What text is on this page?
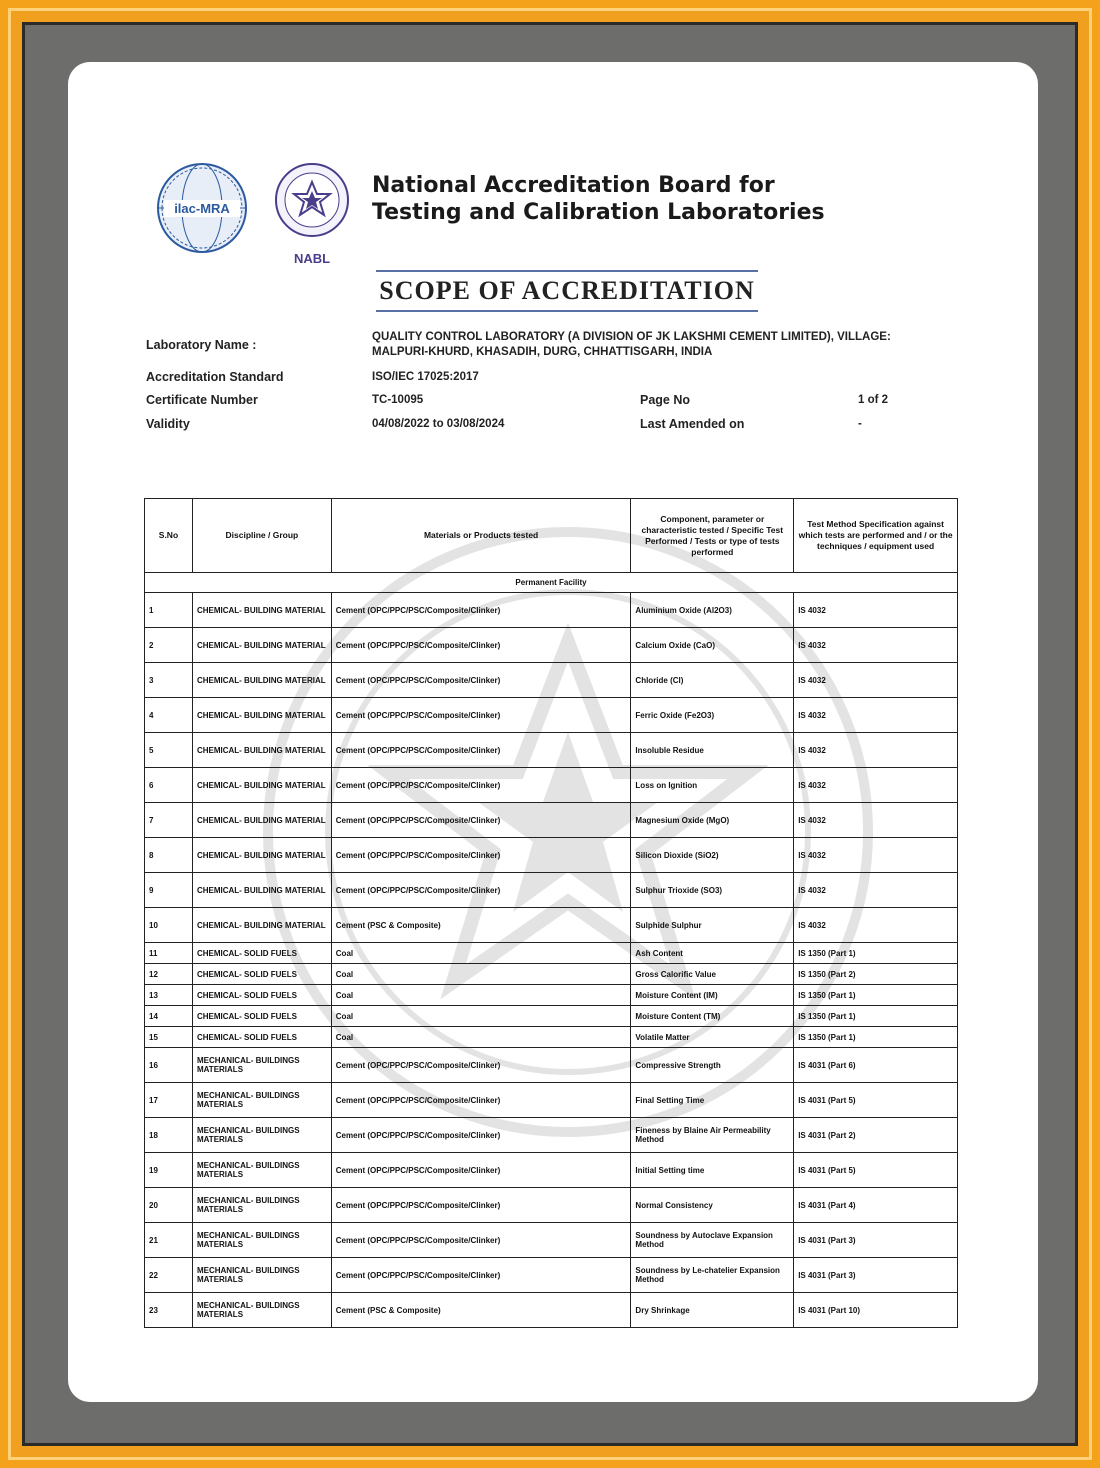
ilac-MRA
NABL
National Accreditation Board for
Testing and Calibration Laboratories
SCOPE OF ACCREDITATION
Laboratory Name :
QUALITY CONTROL LABORATORY (A DIVISION OF JK LAKSHMI CEMENT LIMITED), VILLAGE:
MALPURI-KHURD, KHASADIH, DURG, CHHATTISGARH, INDIA
Accreditation Standard	ISO/IEC 17025:2017
Certificate Number	TC-10095	Page No	1 of 2
Validity	04/08/2022 to 03/08/2024	Last Amended on	-
S.No	Discipline / Group	Materials or Products tested	Component, parameter or characteristic tested / Specific Test Performed / Tests or type of tests performed	Test Method Specification against which tests are performed and / or the techniques / equipment used
Permanent Facility				
1	CHEMICAL- BUILDING MATERIAL	Cement (OPC/PPC/PSC/Composite/Clinker)	Aluminium Oxide (Al2O3)	IS 4032
2	CHEMICAL- BUILDING MATERIAL	Cement (OPC/PPC/PSC/Composite/Clinker)	Calcium Oxide (CaO)	IS 4032
3	CHEMICAL- BUILDING MATERIAL	Cement (OPC/PPC/PSC/Composite/Clinker)	Chloride (Cl)	IS 4032
4	CHEMICAL- BUILDING MATERIAL	Cement (OPC/PPC/PSC/Composite/Clinker)	Ferric Oxide (Fe2O3)	IS 4032
5	CHEMICAL- BUILDING MATERIAL	Cement (OPC/PPC/PSC/Composite/Clinker)	Insoluble Residue	IS 4032
6	CHEMICAL- BUILDING MATERIAL	Cement (OPC/PPC/PSC/Composite/Clinker)	Loss on Ignition	IS 4032
7	CHEMICAL- BUILDING MATERIAL	Cement (OPC/PPC/PSC/Composite/Clinker)	Magnesium Oxide (MgO)	IS 4032
8	CHEMICAL- BUILDING MATERIAL	Cement (OPC/PPC/PSC/Composite/Clinker)	Silicon Dioxide (SiO2)	IS 4032
9	CHEMICAL- BUILDING MATERIAL	Cement (OPC/PPC/PSC/Composite/Clinker)	Sulphur Trioxide (SO3)	IS 4032
10	CHEMICAL- BUILDING MATERIAL	Cement (PSC & Composite)	Sulphide Sulphur	IS 4032
11	CHEMICAL- SOLID FUELS	Coal	Ash Content	IS 1350 (Part 1)
12	CHEMICAL- SOLID FUELS	Coal	Gross Calorific Value	IS 1350 (Part 2)
13	CHEMICAL- SOLID FUELS	Coal	Moisture Content (IM)	IS 1350 (Part 1)
14	CHEMICAL- SOLID FUELS	Coal	Moisture Content (TM)	IS 1350 (Part 1)
15	CHEMICAL- SOLID FUELS	Coal	Volatile Matter	IS 1350 (Part 1)
16	MECHANICAL- BUILDINGS MATERIALS	Cement (OPC/PPC/PSC/Composite/Clinker)	Compressive Strength	IS 4031 (Part 6)
17	MECHANICAL- BUILDINGS MATERIALS	Cement (OPC/PPC/PSC/Composite/Clinker)	Final Setting Time	IS 4031 (Part 5)
18	MECHANICAL- BUILDINGS MATERIALS	Cement (OPC/PPC/PSC/Composite/Clinker)	Fineness by Blaine Air Permeability Method	IS 4031 (Part 2)
19	MECHANICAL- BUILDINGS MATERIALS	Cement (OPC/PPC/PSC/Composite/Clinker)	Initial Setting time	IS 4031 (Part 5)
20	MECHANICAL- BUILDINGS MATERIALS	Cement (OPC/PPC/PSC/Composite/Clinker)	Normal Consistency	IS 4031 (Part 4)
21	MECHANICAL- BUILDINGS MATERIALS	Cement (OPC/PPC/PSC/Composite/Clinker)	Soundness by Autoclave Expansion Method	IS 4031 (Part 3)
22	MECHANICAL- BUILDINGS MATERIALS	Cement (OPC/PPC/PSC/Composite/Clinker)	Soundness by Le-chatelier Expansion Method	IS 4031 (Part 3)
23	MECHANICAL- BUILDINGS MATERIALS	Cement (PSC & Composite)	Dry Shrinkage	IS 4031 (Part 10)
